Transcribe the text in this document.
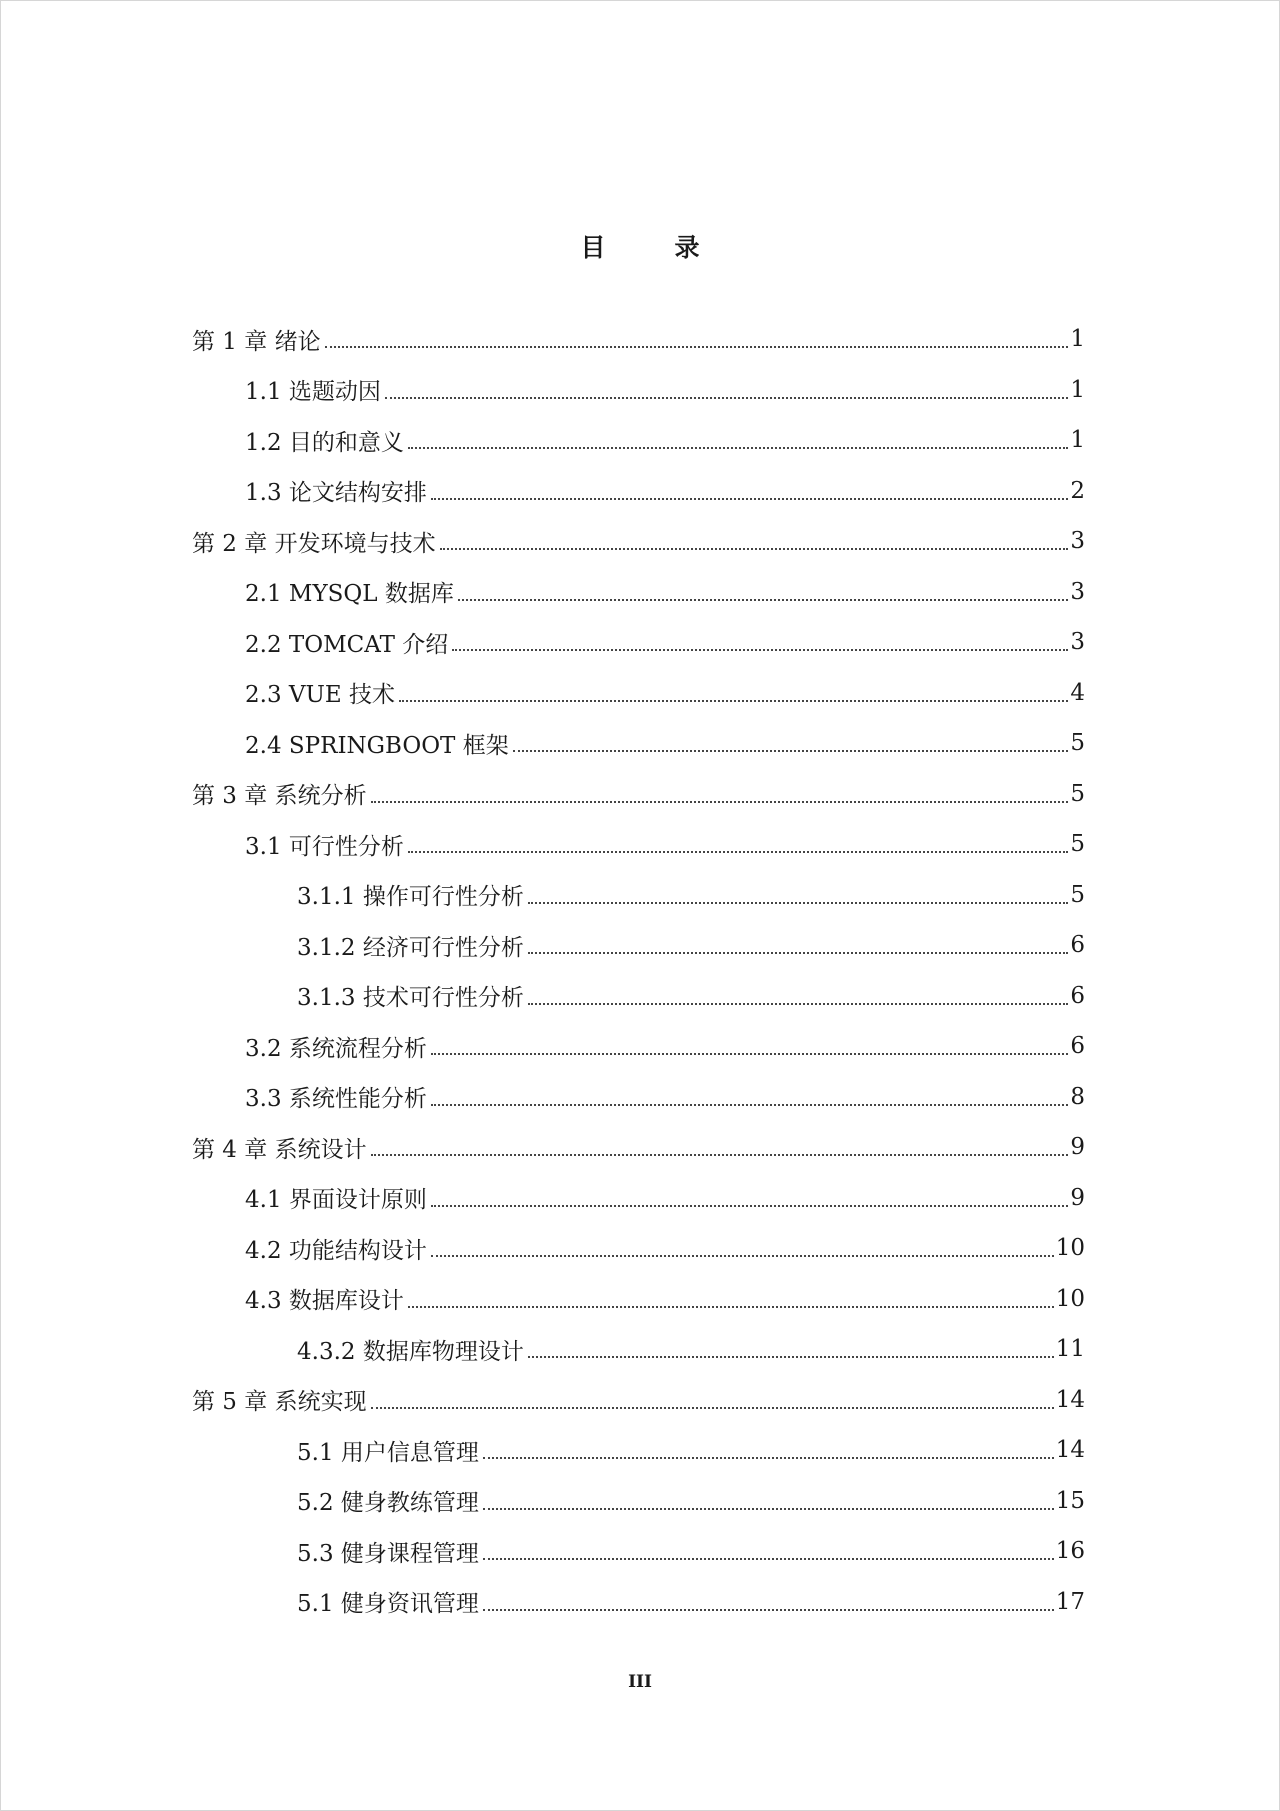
目　录
第 1 章 绪论	1
1.1 选题动因	1
1.2 目的和意义	1
1.3 论文结构安排	2
第 2 章 开发环境与技术	3
2.1 MYSQL 数据库	3
2.2 TOMCAT 介绍	3
2.3 VUE 技术	4
2.4 SPRINGBOOT 框架	5
第 3 章 系统分析	5
3.1 可行性分析	5
3.1.1 操作可行性分析	5
3.1.2 经济可行性分析	6
3.1.3 技术可行性分析	6
3.2 系统流程分析	6
3.3 系统性能分析	8
第 4 章 系统设计	9
4.1 界面设计原则	9
4.2 功能结构设计	10
4.3 数据库设计	10
4.3.2 数据库物理设计	11
第 5 章 系统实现	14
5.1 用户信息管理	14
5.2 健身教练管理	15
5.3 健身课程管理	16
5.1 健身资讯管理	17
III
